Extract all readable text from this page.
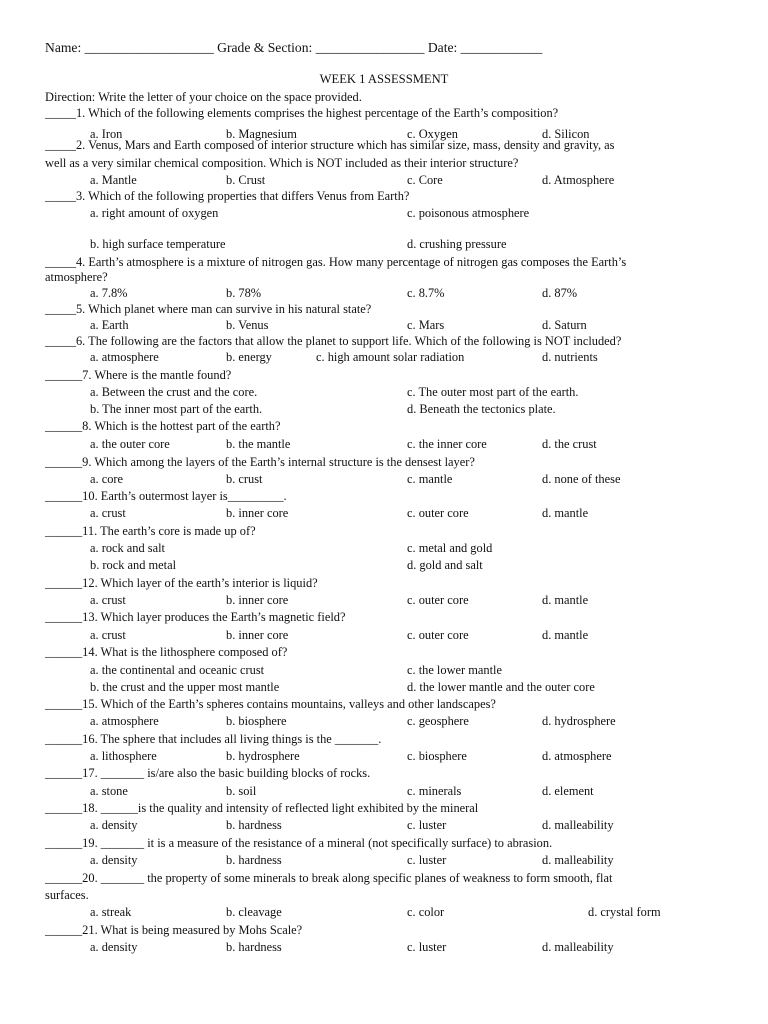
Name: ___________________ Grade & Section: ________________ Date: ____________
WEEK 1 ASSESSMENT
Direction: Write the letter of your choice on the space provided.
_____1. Which of the following elements comprises the highest percentage of the Earth’s composition?
a. Iron	b. Magnesium	c. Oxygen	d. Silicon
_____2. Venus, Mars and Earth composed of interior structure which has similar size, mass, density and gravity, as
well as a very similar chemical composition. Which is NOT included as their interior structure?
a. Mantle	b. Crust	c. Core	d. Atmosphere
_____3. Which of the following properties that differs Venus from Earth?
a. right amount of oxygen	c. poisonous atmosphere
b. high surface temperature	d. crushing pressure
_____4. Earth’s atmosphere is a mixture of nitrogen gas. How many percentage of nitrogen gas composes the Earth’s
atmosphere?
a. 7.8%	b. 78%	c. 8.7%	d. 87%
_____5. Which planet where man can survive in his natural state?
a. Earth	b. Venus	c. Mars	d. Saturn
_____6. The following are the factors that allow the planet to support life. Which of the following is NOT included?
a. atmosphere	b. energy	c. high amount solar radiation	d. nutrients
______7. Where is the mantle found?
a. Between the crust and the core.	c. The outer most part of the earth.
b. The inner most part of the earth.	d. Beneath the tectonics plate.
______8. Which is the hottest part of the earth?
a. the outer core	b. the mantle	c. the inner core	d. the crust
______9. Which among the layers of the Earth’s internal structure is the densest layer?
a. core	b. crust	c. mantle	d. none of these
______10. Earth’s outermost layer is_________.
a. crust	b. inner core	c. outer core	d. mantle
______11. The earth’s core is made up of?
a. rock and salt	c. metal and gold
b. rock and metal	d. gold and salt
______12. Which layer of the earth’s interior is liquid?
a. crust	b. inner core	c. outer core	d. mantle
______13. Which layer produces the Earth’s magnetic field?
a. crust	b. inner core	c. outer core	d. mantle
______14. What is the lithosphere composed of?
a. the continental and oceanic crust	c. the lower mantle
b. the crust and the upper most mantle	d. the lower mantle and the outer core
______15. Which of the Earth’s spheres contains mountains, valleys and other landscapes?
a. atmosphere	b. biosphere	c. geosphere	d. hydrosphere
______16. The sphere that includes all living things is the _______.
a. lithosphere	b. hydrosphere	c. biosphere	d. atmosphere
______17. _______ is/are also the basic building blocks of rocks.
a. stone	b. soil	c. minerals	d. element
______18. ______is the quality and intensity of reflected light exhibited by the mineral
a. density	b. hardness	c. luster	d. malleability
______19. _______ it is a measure of the resistance of a mineral (not specifically surface) to abrasion.
a. density	b. hardness	c. luster	d. malleability
______20. _______ the property of some minerals to break along specific planes of weakness to form smooth, flat
surfaces.
a. streak	b. cleavage	c. color	d. crystal form
______21. What is being measured by Mohs Scale?
a. density	b. hardness	c. luster	d. malleability
